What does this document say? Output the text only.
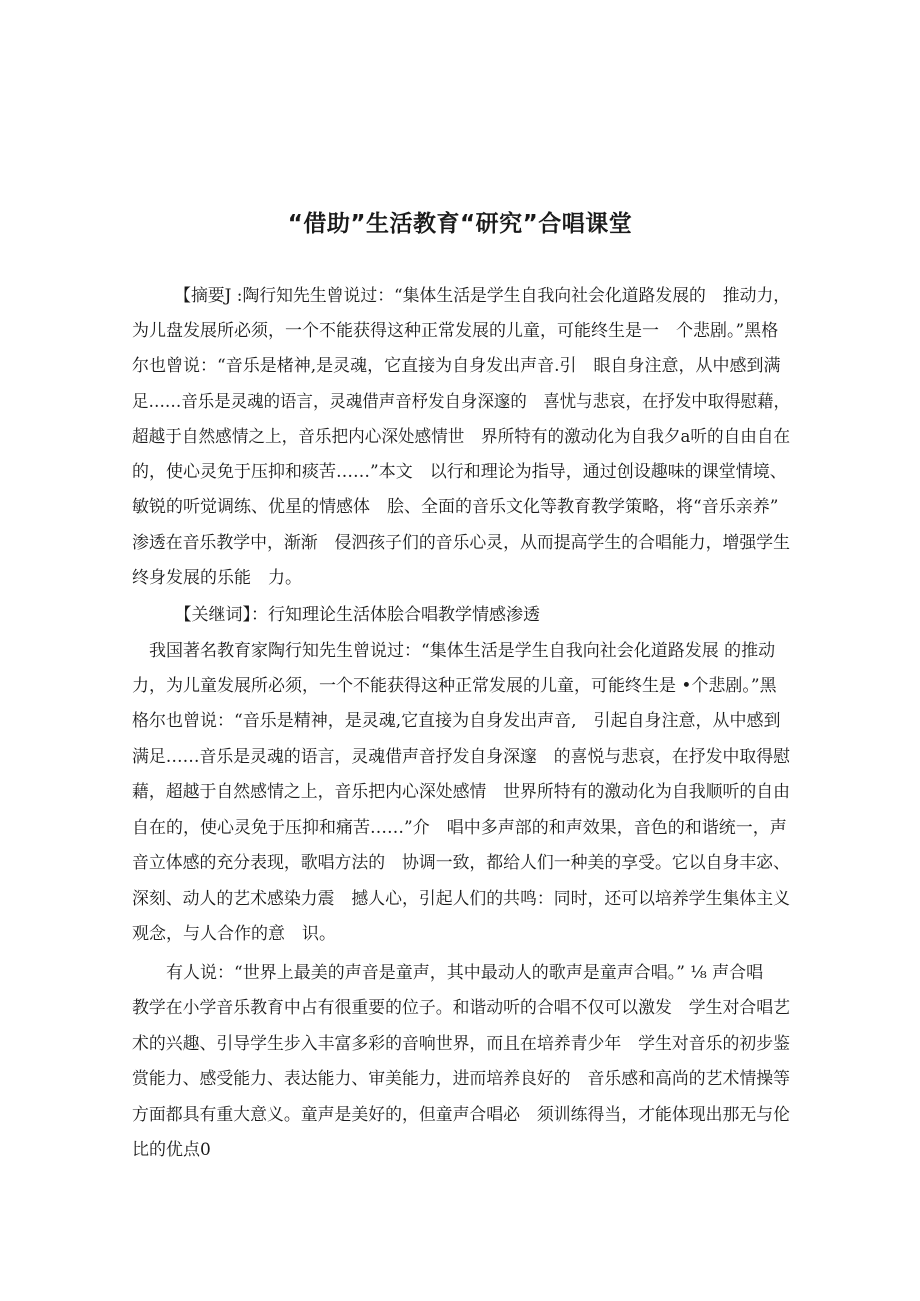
“借助”生活教育“研究”合唱课堂
　　　【摘要J :陶行知先生曾说过：“集体生活是学生自我向社会化道路发展的　推动力，
为儿盘发展所必须，一个不能获得这种正常发展的儿童，可能终生是一　个悲剧。”黑格
尔也曾说：“音乐是楮神,是灵魂，它直接为自身发出声音.引　眼自身注意，从中感到满
足……音乐是灵魂的语言，灵魂借声音杼发自身深邃的　喜忧与悲哀，在抒发中取得慰藉，
超越于自然感情之上，音乐把内心深处感情世　界所特有的激动化为自我夕a听的自由自在
的，使心灵免于压抑和痰苦……”本文　以行和理论为指导，通过创设趣味的课堂情境、
敏锐的听觉调练、优星的情感体　脍、全面的音乐文化等教育教学策略，将“音乐亲养”
渗透在音乐教学中，渐渐　侵泗孩子们的音乐心灵，从而提高学生的合唱能力，增强学生
终身发展的乐能　力。
　　　【关继词】：行知理论生活体脍合唱教学情感渗透
　我国著名教育家陶行知先生曾说过：“集体生活是学生自我向社会化道路发展 的推动
力，为儿童发展所必须，一个不能获得这种正常发展的儿童，可能终生是 •个悲剧。”黑
格尔也曾说：“音乐是精神，是灵魂,它直接为自身发出声音,　引起自身注意，从中感到
满足……音乐是灵魂的语言，灵魂借声音抒发自身深邃　的喜悦与悲哀，在抒发中取得慰
藉，超越于自然感情之上，音乐把内心深处感情　世界所特有的激动化为自我顺听的自由
自在的，使心灵免于压抑和痛苦……”介　唱中多声部的和声效果，音色的和谐统一，声
音立体感的充分表现，歌唱方法的　协调一致，都给人们一种美的享受。它以自身丰宓、
深刻、动人的艺术感染力震　撼人心，引起人们的共鸣：同时，还可以培养学生集体主义
观念，与人合作的意　识。
　　有人说：“世界上最美的声音是童声，其中最动人的歌声是童声合唱。” ⅛ 声合唱
教学在小学音乐教育中占有很重要的位子。和谐动听的合唱不仅可以激发　学生对合唱艺
术的兴趣、引导学生步入丰富多彩的音响世界，而且在培养青少年　学生对音乐的初步鉴
赏能力、感受能力、表达能力、审美能力，进而培养良好的　音乐感和高尚的艺术情操等
方面都具有重大意义。童声是美好的，但童声合唱必　须训练得当，才能体现出那无与伦
比的优点0
